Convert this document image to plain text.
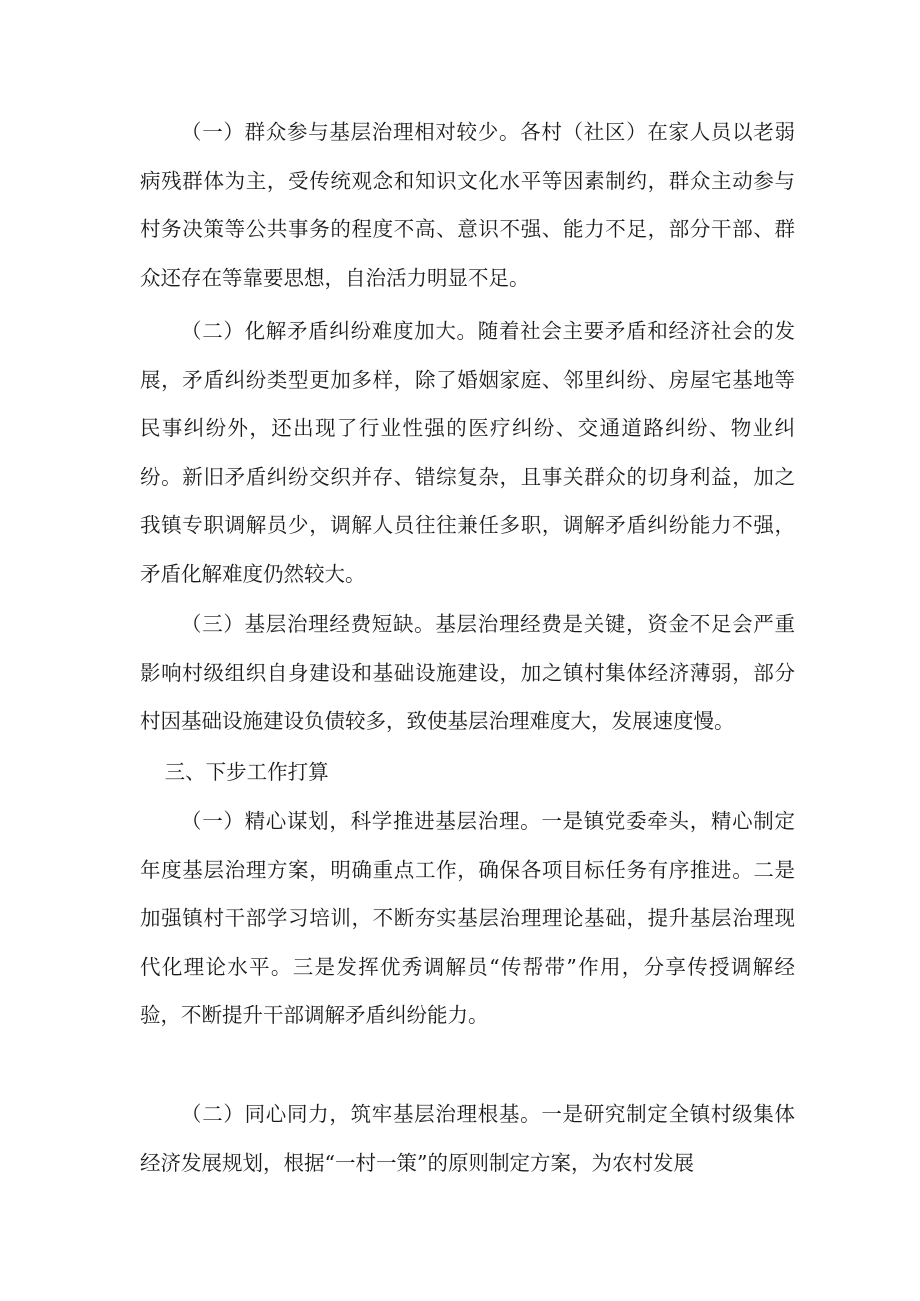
（一）群众参与基层治理相对较少。各村（社区）在家人员以老弱病残群体为主，受传统观念和知识文化水平等因素制约，群众主动参与村务决策等公共事务的程度不高、意识不强、能力不足，部分干部、群众还存在等靠要思想，自治活力明显不足。

（二）化解矛盾纠纷难度加大。随着社会主要矛盾和经济社会的发展，矛盾纠纷类型更加多样，除了婚姻家庭、邻里纠纷、房屋宅基地等民事纠纷外，还出现了行业性强的医疗纠纷、交通道路纠纷、物业纠纷。新旧矛盾纠纷交织并存、错综复杂，且事关群众的切身利益，加之我镇专职调解员少，调解人员往往兼任多职，调解矛盾纠纷能力不强，矛盾化解难度仍然较大。

（三）基层治理经费短缺。基层治理经费是关键，资金不足会严重影响村级组织自身建设和基础设施建设，加之镇村集体经济薄弱，部分村因基础设施建设负债较多，致使基层治理难度大，发展速度慢。

三、下步工作打算

（一）精心谋划，科学推进基层治理。一是镇党委牵头，精心制定年度基层治理方案，明确重点工作，确保各项目标任务有序推进。二是加强镇村干部学习培训，不断夯实基层治理理论基础，提升基层治理现代化理论水平。三是发挥优秀调解员“传帮带”作用，分享传授调解经验，不断提升干部调解矛盾纠纷能力。

（二）同心同力，筑牢基层治理根基。一是研究制定全镇村级集体经济发展规划，根据“一村一策”的原则制定方案，为农村发展
